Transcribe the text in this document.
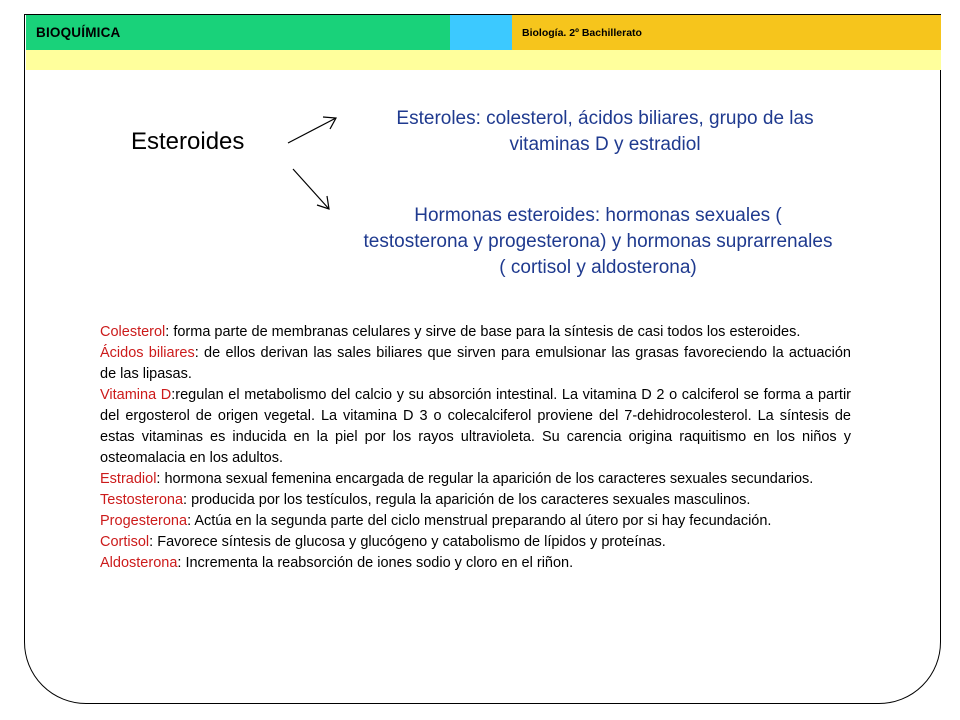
BIOQUÍMICA	Biología. 2º Bachillerato
Esteroides
Esteroles: colesterol, ácidos biliares, grupo de las vitaminas D y estradiol
Hormonas esteroides: hormonas sexuales ( testosterona y progesterona) y hormonas suprarrenales ( cortisol y aldosterona)

Colesterol: forma parte de membranas celulares y sirve de base para la síntesis de casi todos los esteroides.

Ácidos biliares: de ellos derivan las sales biliares que sirven para emulsionar las grasas favoreciendo la actuación de las lipasas.

Vitamina D:regulan el metabolismo del calcio y su absorción intestinal. La vitamina D 2 o calciferol se forma a partir del ergosterol de origen vegetal. La vitamina D 3 o colecalciferol proviene del 7-dehidrocolesterol. La síntesis de estas vitaminas es inducida en la piel por los rayos ultravioleta. Su carencia origina raquitismo en los niños y osteomalacia en los adultos.

Estradiol: hormona sexual femenina encargada de regular la aparición de los caracteres sexuales secundarios.

Testosterona: producida por los testículos, regula la aparición de los caracteres sexuales masculinos.

Progesterona: Actúa en la segunda parte del ciclo menstrual preparando al útero por si hay fecundación.

Cortisol: Favorece síntesis de glucosa y glucógeno y catabolismo de lípidos y proteínas.

Aldosterona: Incrementa la reabsorción de iones sodio y cloro en el riñon.
